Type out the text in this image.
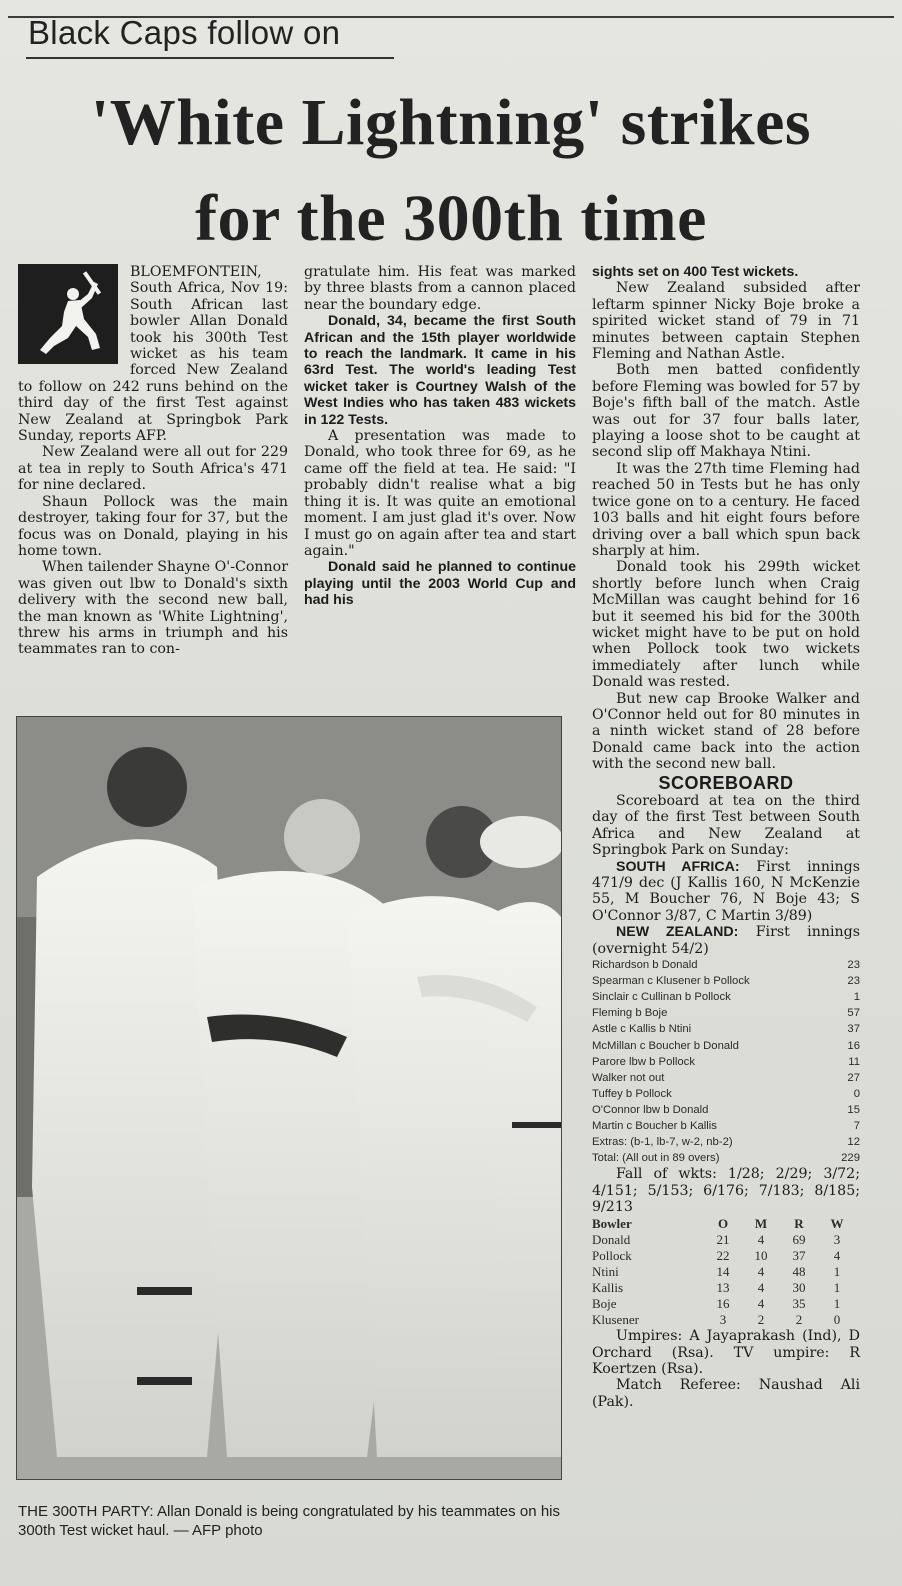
Black Caps follow on
'White Lightning' strikes
for the 300th time

BLOEMFONTEIN, South Africa, Nov 19: South African last bowler Allan Donald took his 300th Test wicket as his team forced New Zealand to follow on 242 runs behind on the third day of the first Test against New Zealand at Springbok Park Sunday, reports AFP.

New Zealand were all out for 229 at tea in reply to South Africa's 471 for nine declared.

Shaun Pollock was the main destroyer, taking four for 37, but the focus was on Donald, playing in his home town.

When tailender Shayne O'-Connor was given out lbw to Donald's sixth delivery with the second new ball, the man known as 'White Lightning', threw his arms in triumph and his teammates ran to con-

gratulate him. His feat was marked by three blasts from a cannon placed near the boundary edge.

Donald, 34, became the first South African and the 15th player worldwide to reach the landmark. It came in his 63rd Test. The world's leading Test wicket taker is Courtney Walsh of the West Indies who has taken 483 wickets in 122 Tests.

A presentation was made to Donald, who took three for 69, as he came off the field at tea. He said: "I probably didn't realise what a big thing it is. It was quite an emotional moment. I am just glad it's over. Now I must go on again after tea and start again."

Donald said he planned to continue playing until the 2003 World Cup and had his

sights set on 400 Test wickets.

New Zealand subsided after leftarm spinner Nicky Boje broke a spirited wicket stand of 79 in 71 minutes between captain Stephen Fleming and Nathan Astle.

Both men batted confidently before Fleming was bowled for 57 by Boje's fifth ball of the match. Astle was out for 37 four balls later, playing a loose shot to be caught at second slip off Makhaya Ntini.

It was the 27th time Fleming had reached 50 in Tests but he has only twice gone on to a century. He faced 103 balls and hit eight fours before driving over a ball which spun back sharply at him.

Donald took his 299th wicket shortly before lunch when Craig McMillan was caught behind for 16 but it seemed his bid for the 300th wicket might have to be put on hold when Pollock took two wickets immediately after lunch while Donald was rested.

But new cap Brooke Walker and O'Connor held out for 80 minutes in a ninth wicket stand of 28 before Donald came back into the action with the second new ball.

SCOREBOARD

Scoreboard at tea on the third day of the first Test between South Africa and New Zealand at Springbok Park on Sunday:

SOUTH AFRICA: First innings 471/9 dec (J Kallis 160, N McKenzie 55, M Boucher 76, N Boje 43; S O'Connor 3/87, C Martin 3/89)

NEW ZEALAND: First innings (overnight 54/2)

Richardson b Donald	23
Spearman c Klusener b Pollock	23
Sinclair c Cullinan b Pollock	1
Fleming b Boje	57
Astle c Kallis b Ntini	37
McMillan c Boucher b Donald	16
Parore lbw b Pollock	11
Walker not out	27
Tuffey b Pollock	0
O'Connor lbw b Donald	15
Martin c Boucher b Kallis	7
Extras: (b-1, lb-7, w-2, nb-2)	12
Total: (All out in 89 overs)	229

Fall of wkts: 1/28; 2/29; 3/72; 4/151; 5/153; 6/176; 7/183; 8/185; 9/213

Bowler	O	M	R	W
Donald	21	4	69	3
Pollock	22	10	37	4
Ntini	14	4	48	1
Kallis	13	4	30	1
Boje	16	4	35	1
Klusener	3	2	2	0

Umpires: A Jayaprakash (Ind), D Orchard (Rsa). TV umpire: R Koertzen (Rsa).

Match Referee: Naushad Ali (Pak).

THE 300TH PARTY: Allan Donald is being congratulated by his teammates on his 300th Test wicket haul. — AFP photo
